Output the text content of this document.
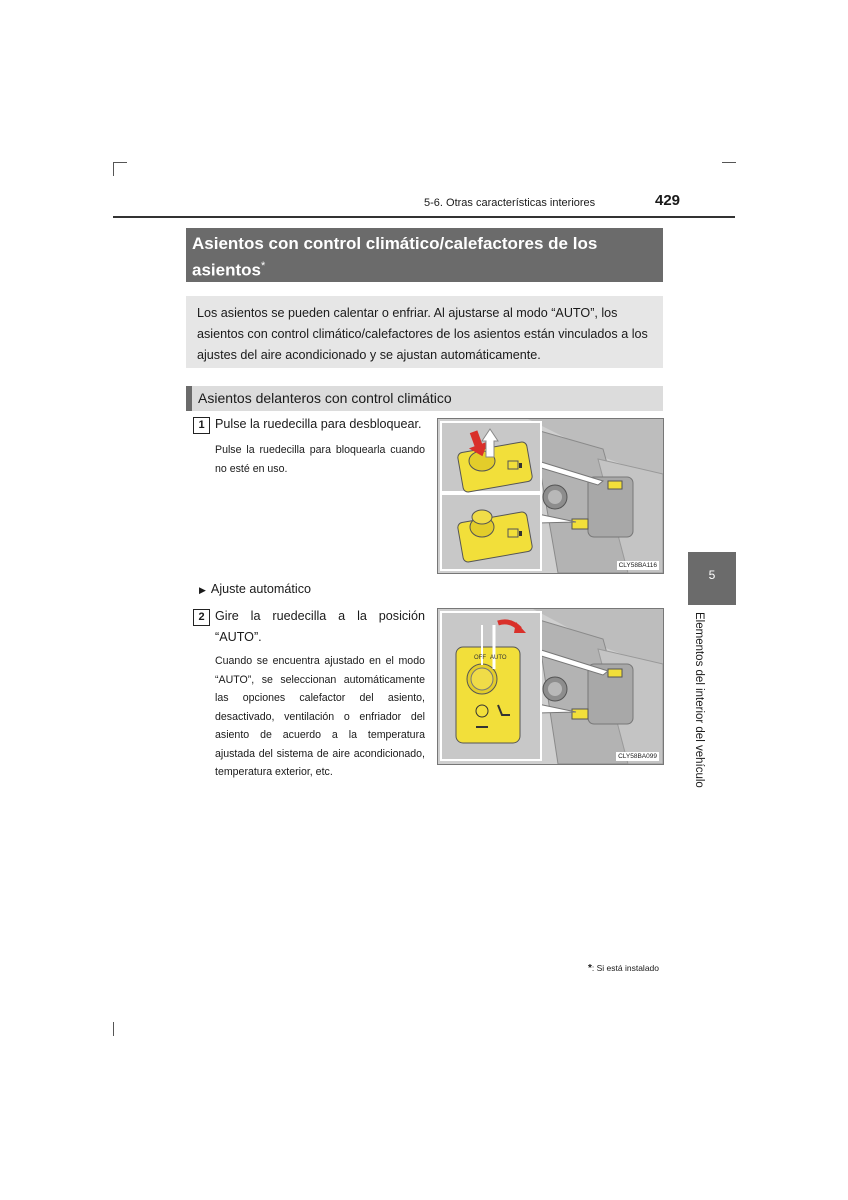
5-6. Otras características interiores	429
Asientos con control climático/calefactores de los asientos*
Los asientos se pueden calentar o enfriar. Al ajustarse al modo “AUTO”, los asientos con control climático/calefactores de los asientos están vinculados a los ajustes del aire acondicionado y se ajustan automáticamente.
Asientos delanteros con control climático
1 Pulse la ruedecilla para desbloquear.
Pulse la ruedecilla para bloquearla cuando no esté en uso.
CLY58BA116
▶ Ajuste automático
2 Gire la ruedecilla a la posición “AUTO”.
Cuando se encuentra ajustado en el modo “AUTO”, se seleccionan automáticamente las opciones calefactor del asiento, desactivado, ventilación o enfriador del asiento de acuerdo a la temperatura ajustada del sistema de aire acondicionado, temperatura exterior, etc.
OFF AUTO
CLY58BA099
5
Elementos del interior del vehículo
*: Si está instalado
